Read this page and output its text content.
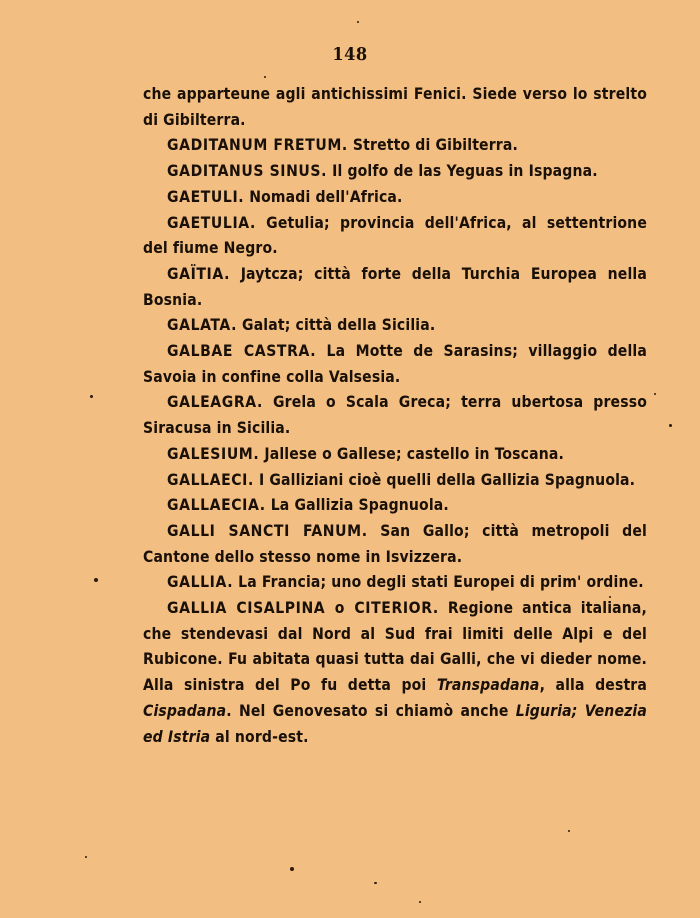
148

che apparteune agli antichissimi Fenici. Siede verso lo strelto di Gibilterra.

GADITANUM FRETUM. Stretto di Gibilterra.

GADITANUS SINUS. Il golfo de las Yeguas in Ispagna.

GAETULI. Nomadi dell'Africa.

GAETULIA. Getulia; provincia dell'Africa, al settentrione del fiume Negro.

GAÏTIA. Jaytcza; città forte della Turchia Europea nella Bosnia.

GALATA. Galat; città della Sicilia.

GALBAE CASTRA. La Motte de Sarasins; villaggio della Savoia in confine colla Valsesia.

GALEAGRA. Grela o Scala Greca; terra ubertosa presso Siracusa in Sicilia.

GALESIUM. Jallese o Gallese; castello in Toscana.

GALLAECI. I Galliziani cioè quelli della Gallizia Spagnuola.

GALLAECIA. La Gallizia Spagnuola.

GALLI SANCTI FANUM. San Gallo; città metropoli del Cantone dello stesso nome in Isvizzera.

GALLIA. La Francia; uno degli stati Europei di prim' ordine.

GALLIA CISALPINA o CITERIOR. Regione antica italiana, che stendevasi dal Nord al Sud frai limiti delle Alpi e del Rubicone. Fu abitata quasi tutta dai Galli, che vi dieder nome. Alla sinistra del Po fu detta poi Transpadana, alla destra Cispadana. Nel Genovesato si chiamò anche Liguria; Venezia ed Istria al nord-est.
